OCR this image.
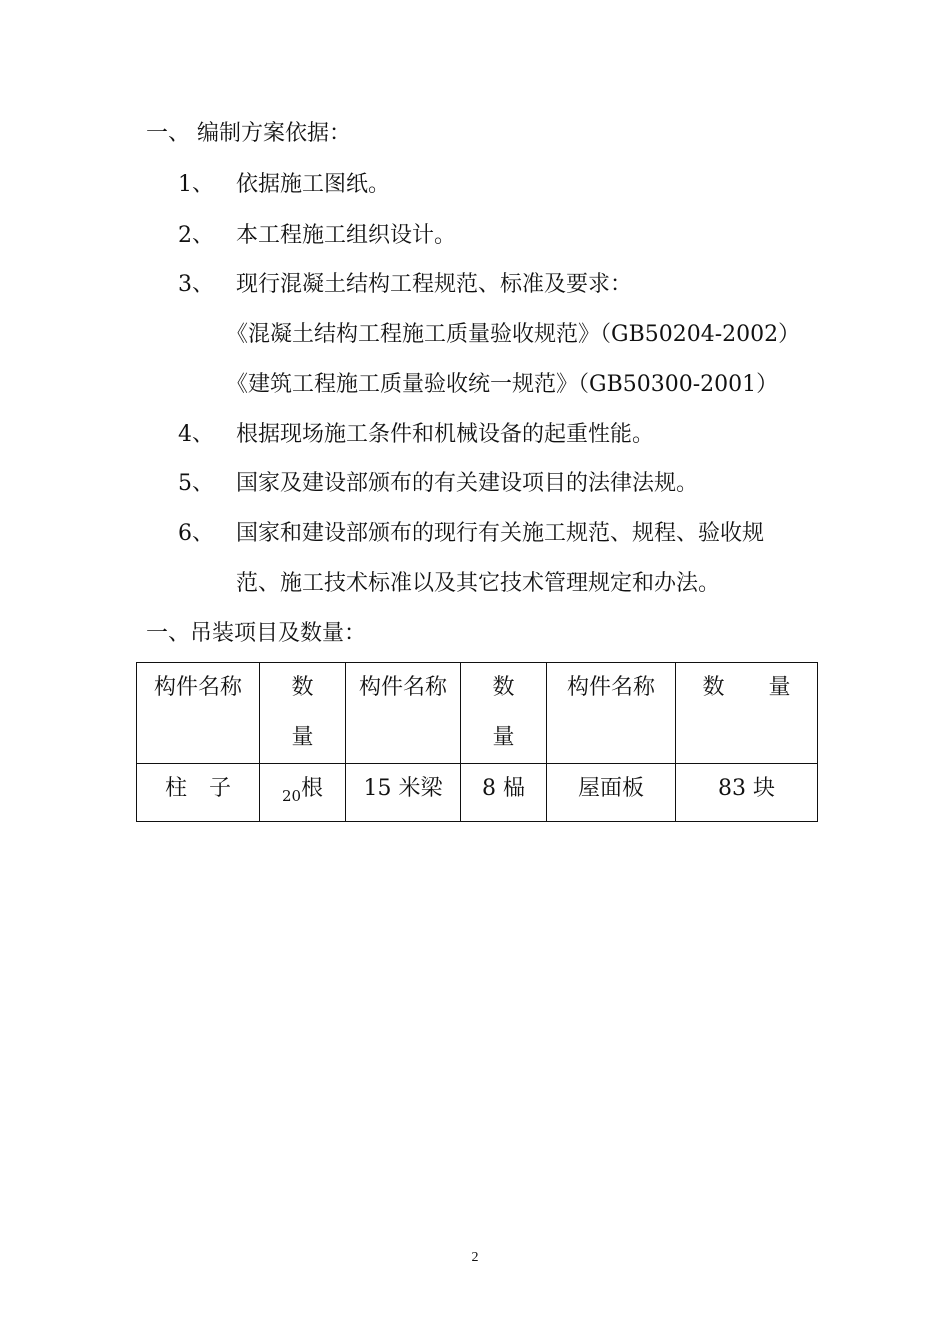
一、 编制方案依据：
1、 依据施工图纸。
2、 本工程施工组织设计。
3、 现行混凝土结构工程规范、标准及要求：
《混凝土结构工程施工质量验收规范》（GB50204-2002）
《建筑工程施工质量验收统一规范》（GB50300-2001）
4、 根据现场施工条件和机械设备的起重性能。
5、 国家及建设部颁布的有关建设项目的法律法规。
6、 国家和建设部颁布的现行有关施工规范、规程、验收规
范、施工技术标准以及其它技术管理规定和办法。
一、吊装项目及数量：
构件名称	数量	构件名称	数量	构件名称	数　　量
柱　子	$_{20}$根	15 米梁	8 榀	屋面板	83 块
2
